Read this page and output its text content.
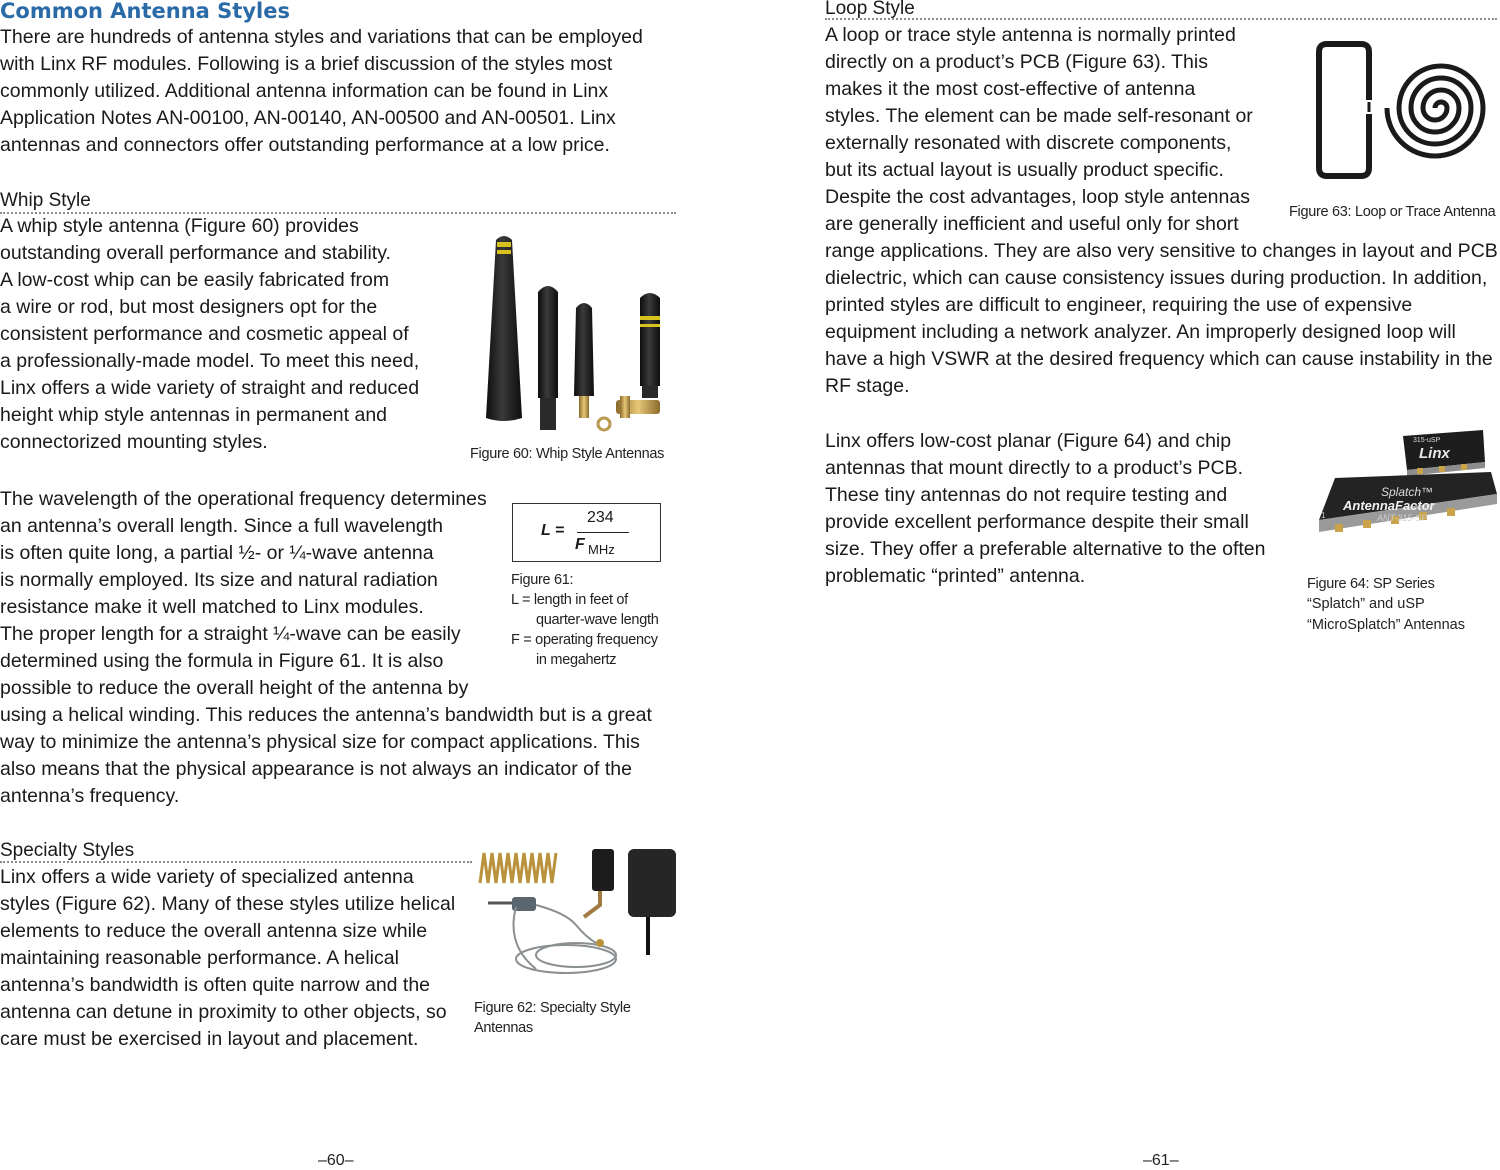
Common Antenna Styles

There are hundreds of antenna styles and variations that can be employed with Linx RF modules. Following is a brief discussion of the styles most commonly utilized. Additional antenna information can be found in Linx Application Notes AN-00100, AN-00140, AN-00500 and AN-00501. Linx antennas and connectors offer outstanding performance at a low price.

Whip Style

A whip style antenna (Figure 60) provides

outstanding overall performance and stability.

A low-cost whip can be easily fabricated from

a wire or rod, but most designers opt for the

consistent performance and cosmetic appeal of

a professionally-made model. To meet this need,

Linx offers a wide variety of straight and reduced

height whip style antennas in permanent and

connectorized mounting styles.

Figure 60: Whip Style Antennas

The wavelength of the operational frequency determines

an antenna’s overall length. Since a full wavelength

is often quite long, a partial ½- or ¼-wave antenna

is normally employed. Its size and natural radiation

resistance make it well matched to Linx modules.

The proper length for a straight ¼-wave can be easily

determined using the formula in Figure 61. It is also

possible to reduce the overall height of the antenna by

using a helical winding. This reduces the antenna’s bandwidth but is a great way to minimize the antenna’s physical size for compact applications. This also means that the physical appearance is not always an indicator of the antenna’s frequency.

L =
234
F MHz
Figure 61:
L = length in feet of
quarter-wave length
F = operating frequency
in megahertz
Specialty Styles

Linx offers a wide variety of specialized antenna

styles (Figure 62). Many of these styles utilize helical

elements to reduce the overall antenna size while

maintaining reasonable performance. A helical

antenna’s bandwidth is often quite narrow and the

antenna can detune in proximity to other objects, so

care must be exercised in layout and placement.

Figure 62: Specialty Style
Antennas
–60–
Loop Style

A loop or trace style antenna is normally printed

directly on a product’s PCB (Figure 63). This

makes it the most cost-effective of antenna

styles. The element can be made self-resonant or

externally resonated with discrete components,

but its actual layout is usually product specific.

Despite the cost advantages, loop style antennas

are generally inefficient and useful only for short

range applications. They are also very sensitive to changes in layout and PCB dielectric, which can cause consistency issues during production. In addition, printed styles are difficult to engineer, requiring the use of expensive equipment including a network analyzer. An improperly designed loop will have a high VSWR at the desired frequency which can cause instability in the RF stage.

Figure 63: Loop or Trace Antenna

Linx offers low-cost planar (Figure 64) and chip

antennas that mount directly to a product’s PCB.

These tiny antennas do not require testing and

provide excellent performance despite their small

size. They offer a preferable alternative to the often

problematic “printed” antenna.

315-uSP
Linx
Splatch™
AntennaFactor
ANT-315-SP
1
Figure 64: SP Series
“Splatch” and uSP
“MicroSplatch” Antennas
–61–
